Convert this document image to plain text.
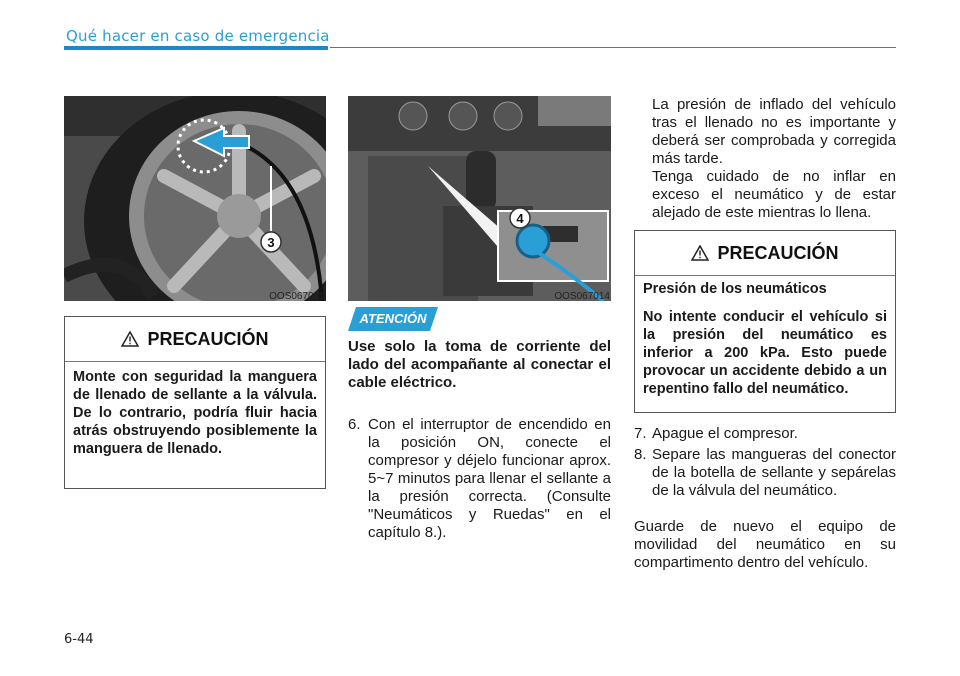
Qué hacer en caso de emergencia
3
OOS067011
4
OOS067014
PRECAUCIÓN
Monte con seguridad la manguera de llenado de sellante a la válvula. De lo contrario, podría fluir hacia atrás obstruyendo posiblemente la manguera de llenado.
ATENCIÓN
Use solo la toma de corriente del lado del acompañante al conectar el cable eléctrico.
6. Con el interruptor de encendido en la posición ON, conecte el compresor y déjelo funcionar aprox. 5~7 minutos para llenar el sellante a la presión correcta. (Consulte "Neumáticos y Ruedas" en el capítulo 8.).
La presión de inflado del vehículo tras el llenado no es importante y deberá ser comprobada y corregida más tarde.
Tenga cuidado de no inflar en exceso el neumático y de estar alejado de este mientras lo llena.
PRECAUCIÓN
Presión de los neumáticos
No intente conducir el vehículo si la presión del neumático es inferior a 200 kPa. Esto puede provocar un accidente debido a un repentino fallo del neumático.
7. Apague el compresor.
8. Separe las mangueras del conector de la botella de sellante y sepárelas de la válvula del neumático.
Guarde de nuevo el equipo de movilidad del neumático en su compartimento dentro del vehículo.
6-44
